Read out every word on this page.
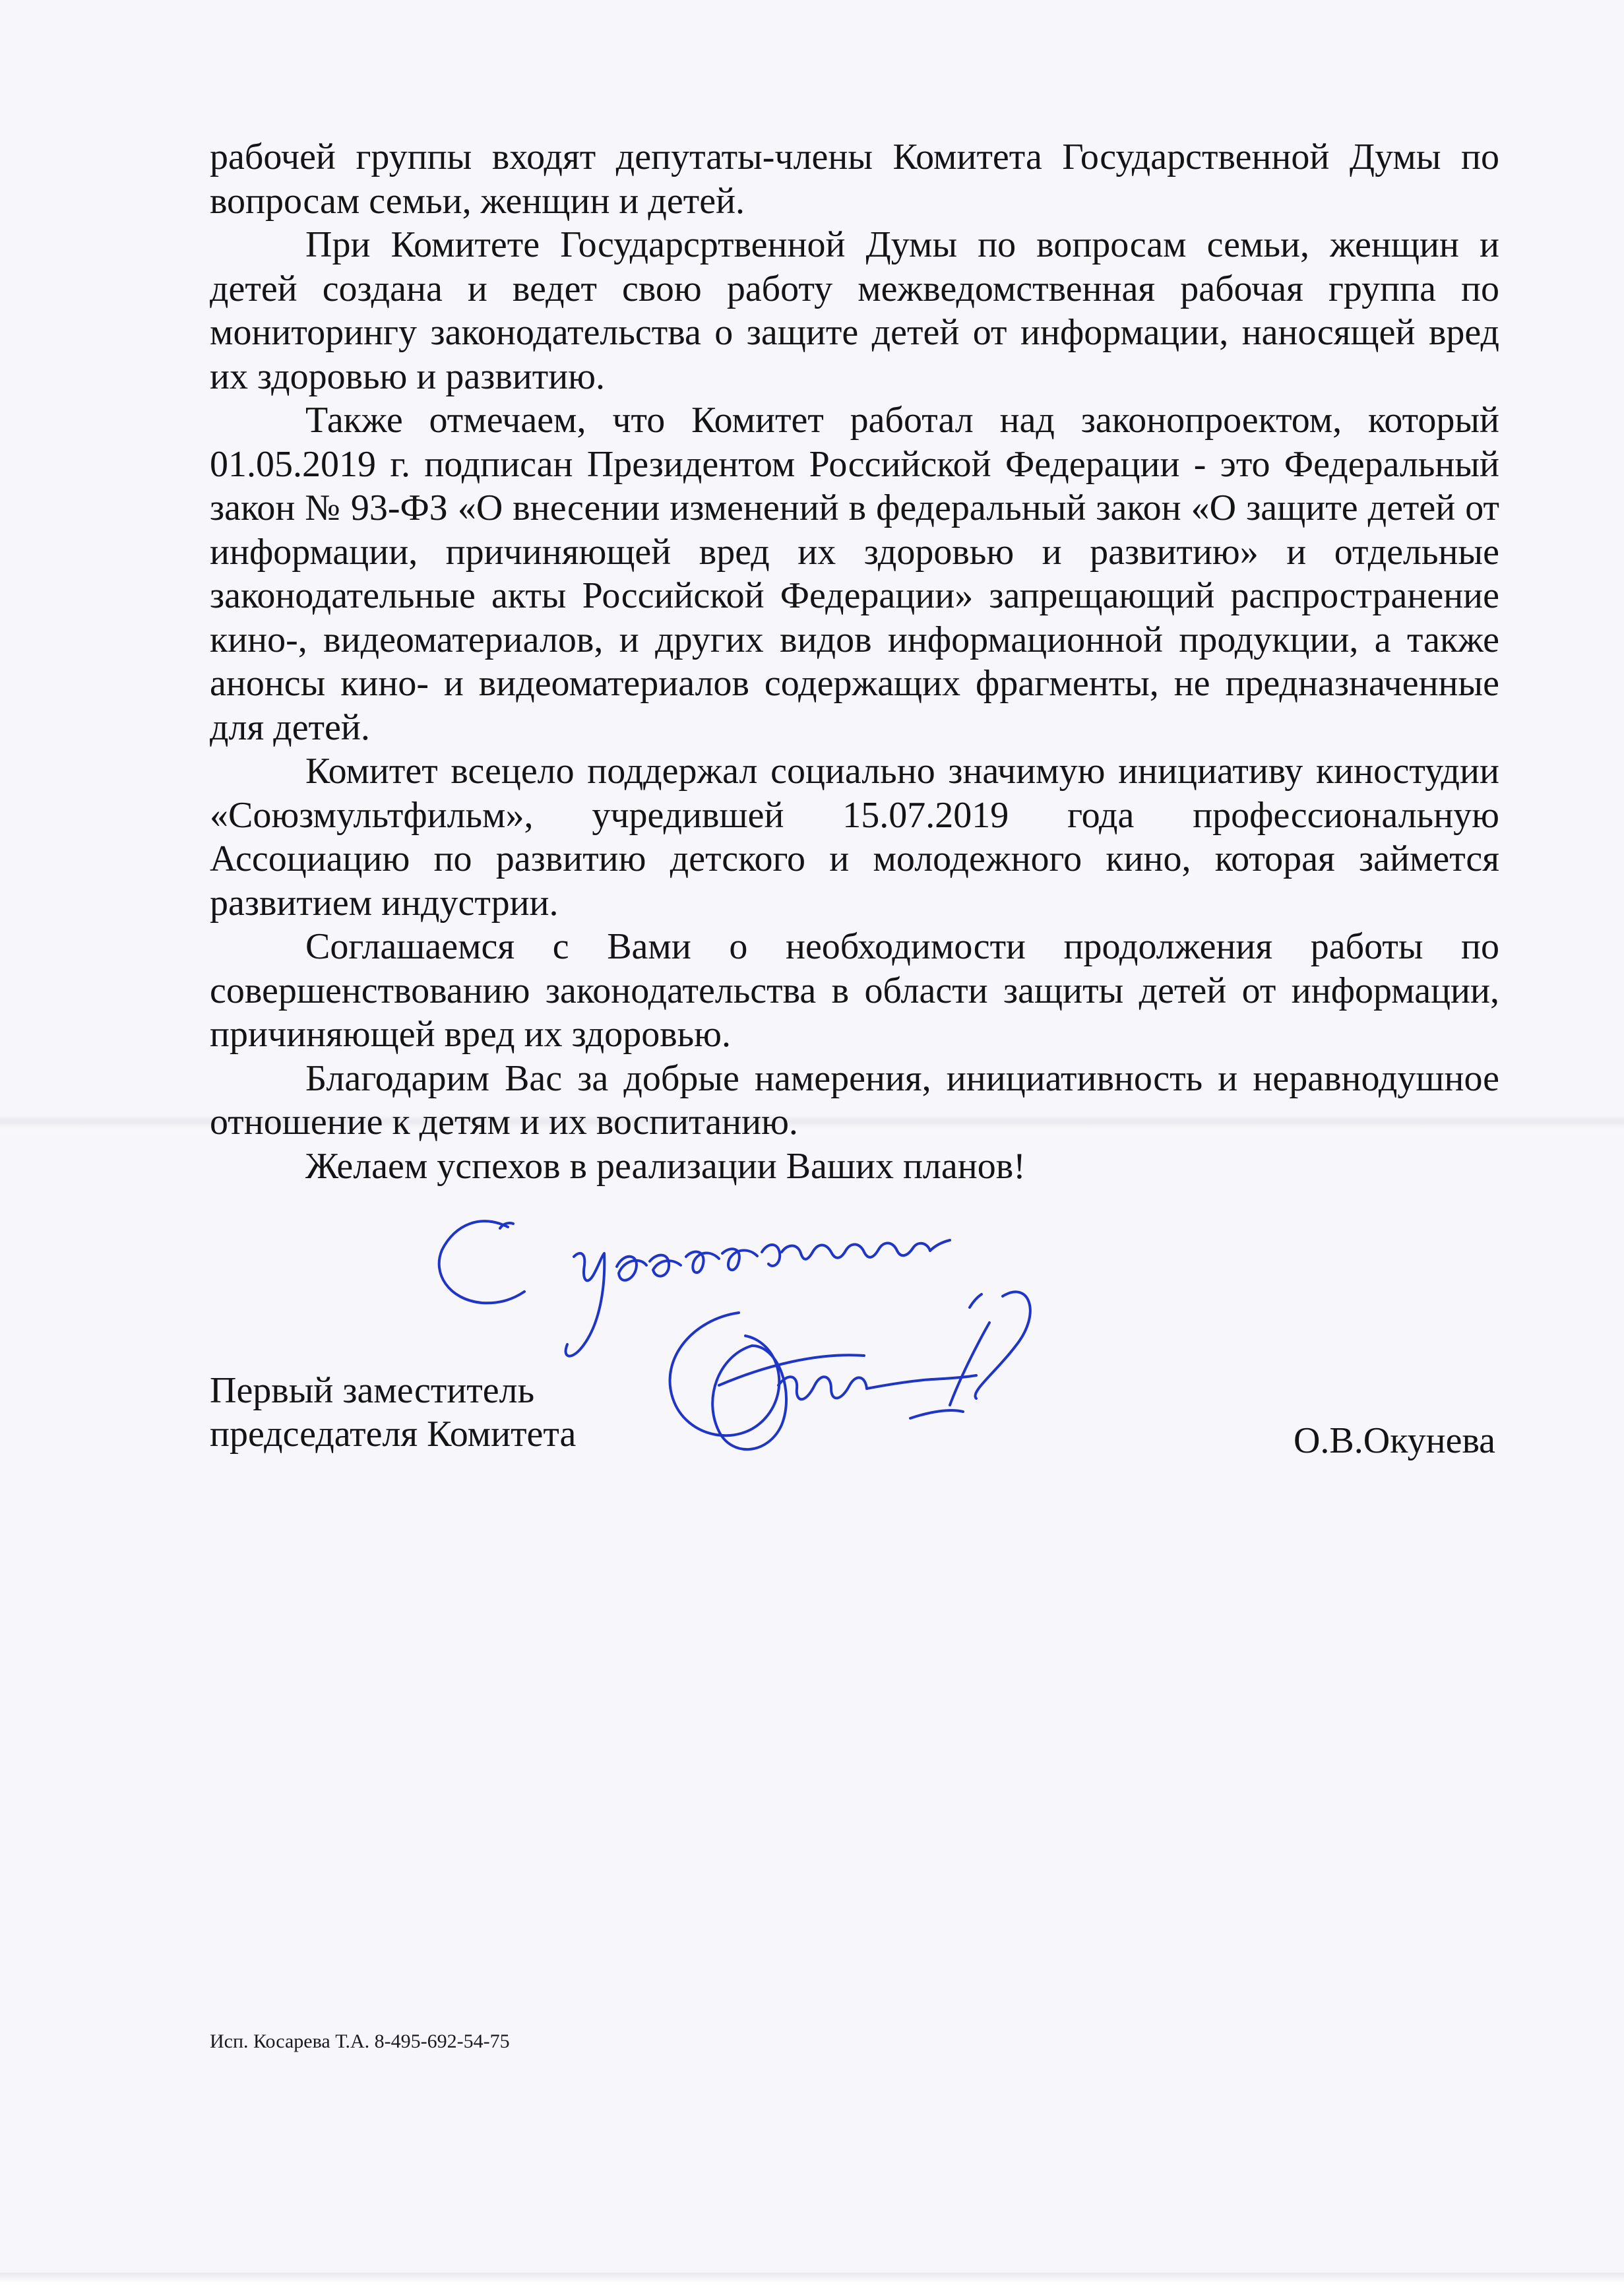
рабочей группы входят депутаты-члены Комитета Государственной Думы по вопросам семьи, женщин и детей.

При Комитете Государсртвенной Думы по вопросам семьи, женщин и детей создана и ведет свою работу межведомственная рабочая группа по мониторингу законодательства о защите детей от информации, наносящей вред их здоровью и развитию.

Также отмечаем, что Комитет работал над законопроектом, который 01.05.2019 г. подписан Президентом Российской Федерации - это Федеральный закон № 93-ФЗ «О внесении изменений в федеральный закон «О защите детей от информации, причиняющей вред их здоровью и развитию» и отдельные законодательные акты Российской Федерации» запрещающий распространение кино-, видеоматериалов, и других видов информационной продукции, а также анонсы кино- и видеоматериалов содержащих фрагменты, не предназначенные для детей.

Комитет всецело поддержал социально значимую инициативу киностудии «Союзмультфильм», учредившей 15.07.2019 года профессиональную Ассоциацию по развитию детского и молодежного кино, которая займется развитием индустрии.

Соглашаемся с Вами о необходимости продолжения работы по совершенствованию законодательства в области защиты детей от информации, причиняющей вред их здоровью.

Благодарим Вас за добрые намерения, инициативность и неравнодушное отношение к детям и их воспитанию.

Желаем успехов в реализации Ваших планов!

Первый заместитель
председателя Комитета	О.В.Окунева
Исп. Косарева Т.А. 8-495-692-54-75
